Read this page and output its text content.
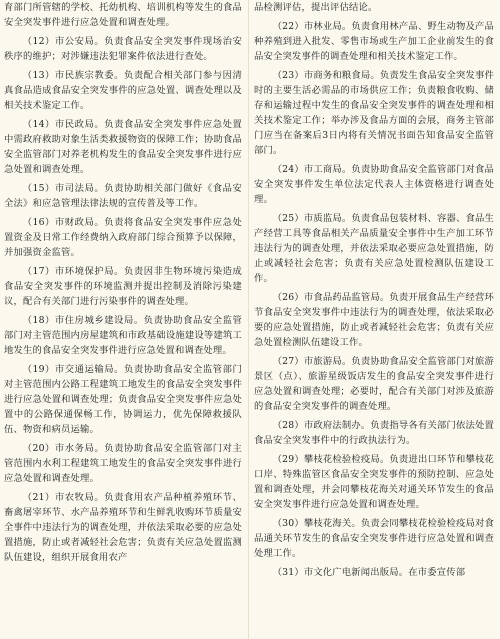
育部门所管辖的学校、托幼机构、培训机构等发生的食品安全突发事件进行应急处置和调查处理。

（12）市公安局。负责食品安全突发事件现场治安秩序的维护；对涉嫌违法犯罪案件依法进行查处。

（13）市民族宗教委。负责配合相关部门参与因清真食品造成食品安全突发事件的应急处置、调查处理以及相关技术鉴定工作。

（14）市民政局。负责食品安全突发事件应急处置中需政府救助对象生活类救援物资的保障工作；协助食品安全监管部门对养老机构发生的食品安全突发事件进行应急处置和调查处理。

（15）市司法局。负责协助相关部门做好《食品安全法》和应急管理法律法规的宣传普及等工作。

（16）市财政局。负责将食品安全突发事件应急处置资金及日常工作经费纳入政府部门综合预算予以保障，并加强资金监管。

（17）市环境保护局。负责因非生物环境污染造成食品安全突发事件的环境监测并提出控制及消除污染建议，配合有关部门进行污染事件的调查处理。

（18）市住房城乡建设局。负责协助食品安全监管部门对主管范围内房屋建筑和市政基础设施建设等建筑工地发生的食品安全突发事件进行应急处置和调查处理。

（19）市交通运输局。负责协助食品安全监管部门对主管范围内公路工程建筑工地发生的食品安全突发事件进行应急处置和调查处理；负责食品安全突发事件应急处置中的公路保通保畅工作，协调运力，优先保障救援队伍、物资和病员运输。

（20）市水务局。负责协助食品安全监管部门对主管范围内水利工程建筑工地发生的食品安全突发事件进行应急处置和调查处理。

（21）市农牧局。负责食用农产品种植养殖环节、畜禽屠宰环节、水产品养殖环节和生鲜乳收购环节质量安全事件中违法行为的调查处理，并依法采取必要的应急处置措施，防止或者减轻社会危害；负责有关应急处置监测队伍建设，组织开展食用农产

品检测评估，提出评估结论。

（22）市林业局。负责食用林产品、野生动物及产品种养殖到进入批发、零售市场或生产加工企业前发生的食品安全突发事件的调查处理和相关技术鉴定工作。

（23）市商务和粮食局。负责发生食品安全突发事件时的主要生活必需品的市场供应工作；负责粮食收购、储存和运输过程中发生的食品安全突发事件的调查处理和相关技术鉴定工作；举办涉及食品方面的会展，商务主管部门应当在备案后3日内将有关情况书面告知食品安全监管部门。

（24）市工商局。负责协助食品安全监管部门对食品安全突发事件发生单位法定代表人主体资格进行调查处理。

（25）市质监局。负责食品包装材料、容器、食品生产经营工具等食品相关产品质量安全事件中生产加工环节违法行为的调查处理，并依法采取必要应急处置措施，防止或减轻社会危害；负责有关应急处置检测队伍建设工作。

（26）市食品药品监管局。负责开展食品生产经营环节食品安全突发事件中违法行为的调查处理，依法采取必要的应急处置措施，防止或者减轻社会危害；负责有关应急处置检测队伍建设工作。

（27）市旅游局。负责协助食品安全监管部门对旅游景区（点）、旅游星级饭店发生的食品安全突发事件进行应急处置和调查处理；必要时，配合有关部门对涉及旅游的食品安全突发事件的调查处理。

（28）市政府法制办。负责指导各有关部门依法处置食品安全突发事件中的行政执法行为。

（29）攀枝花检验检疫局。负责进出口环节和攀枝花口岸、特殊监管区食品安全突发事件的预防控制、应急处置和调查处理，并会同攀枝花海关对通关环节发生的食品安全突发事件进行应急处置和调查处理。

（30）攀枝花海关。负责会同攀枝花检验检疫局对食品通关环节发生的食品安全突发事件进行应急处置和调查处理工作。

（31）市文化广电新闻出版局。在市委宣传部
